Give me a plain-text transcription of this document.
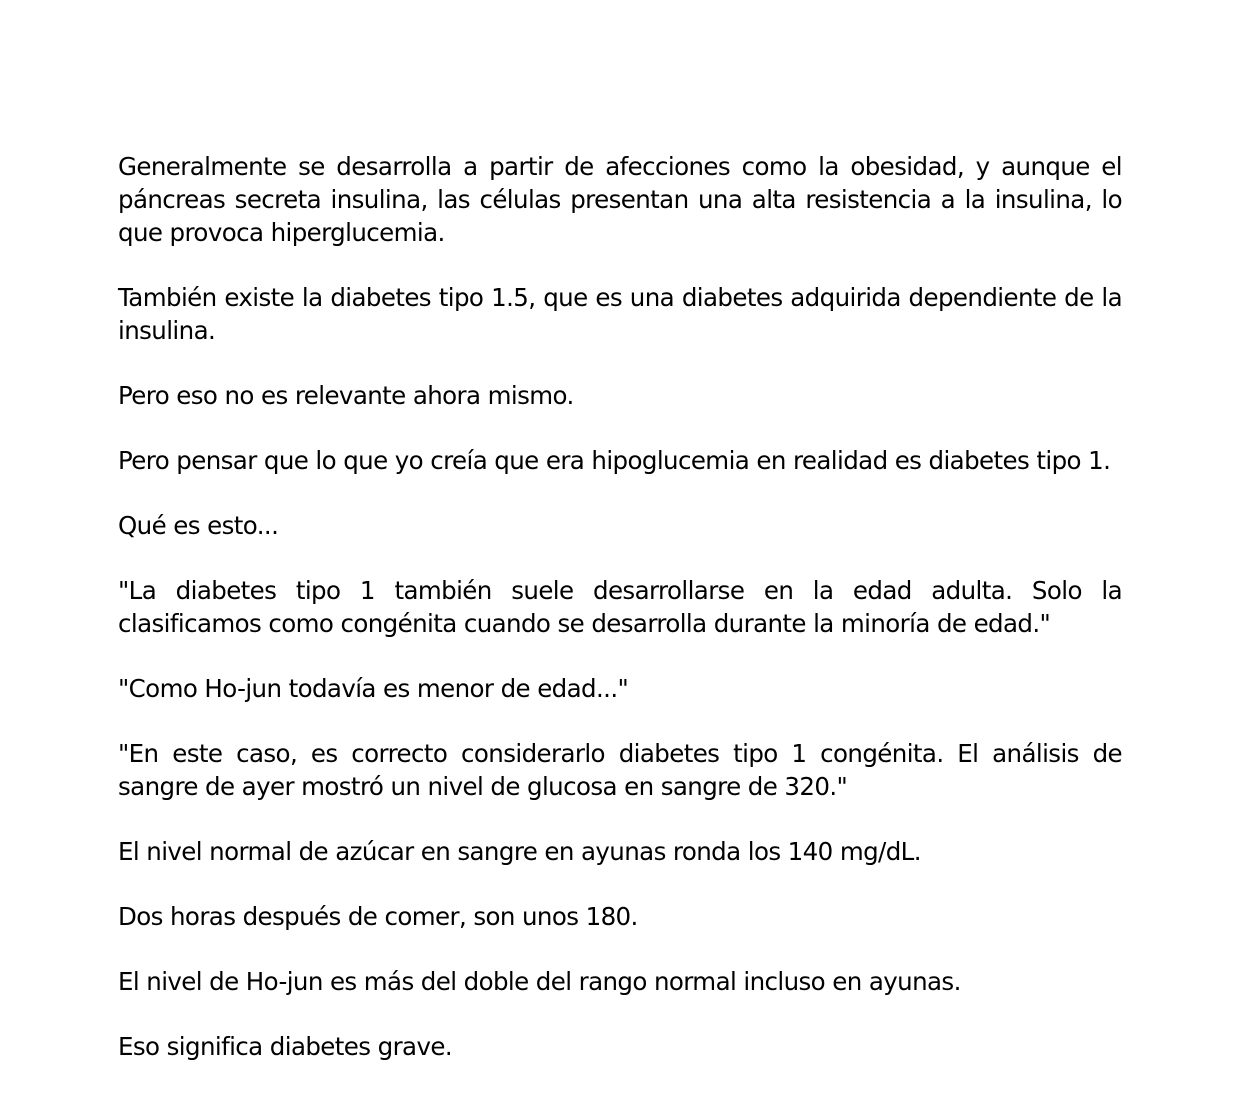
Generalmente se desarrolla a partir de afecciones como la obesidad, y aunque el páncreas secreta insulina, las células presentan una alta resistencia a la insulina, lo que provoca hiperglucemia.

También existe la diabetes tipo 1.5, que es una diabetes adquirida dependiente de la insulina.

Pero eso no es relevante ahora mismo.

Pero pensar que lo que yo creía que era hipoglucemia en realidad es diabetes tipo 1.

Qué es esto...

"La diabetes tipo 1 también suele desarrollarse en la edad adulta. Solo la clasificamos como congénita cuando se desarrolla durante la minoría de edad."

"Como Ho-jun todavía es menor de edad..."

"En este caso, es correcto considerarlo diabetes tipo 1 congénita. El análisis de sangre de ayer mostró un nivel de glucosa en sangre de 320."

El nivel normal de azúcar en sangre en ayunas ronda los 140 mg/dL.

Dos horas después de comer, son unos 180.

El nivel de Ho-jun es más del doble del rango normal incluso en ayunas.

Eso significa diabetes grave.
